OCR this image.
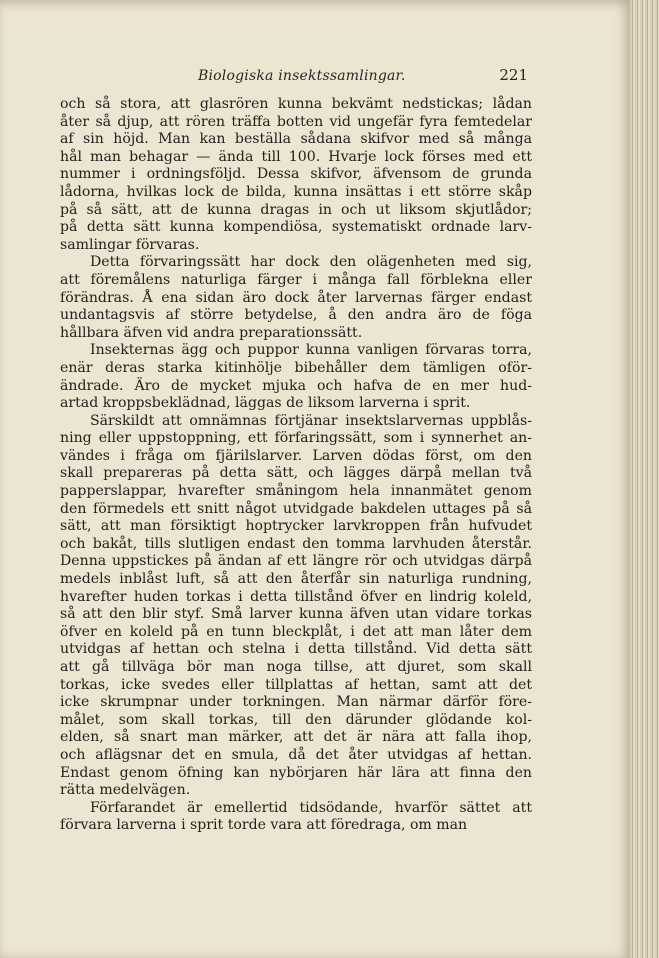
Biologiska insektssamlingar.	221
och så stora, att glasrören kunna bekvämt nedstickas; lådan
åter så djup, att rören träffa botten vid ungefär fyra femtedelar
af sin höjd. Man kan beställa sådana skifvor med så många
hål man behagar — ända till 100. Hvarje lock förses med ett
nummer i ordningsföljd. Dessa skifvor, äfvensom de grunda
lådorna, hvilkas lock de bilda, kunna insättas i ett större skåp
på så sätt, att de kunna dragas in och ut liksom skjutlådor;
på detta sätt kunna kompendiösa, systematiskt ordnade larv-
samlingar förvaras.
Detta förvaringssätt har dock den olägenheten med sig,
att föremålens naturliga färger i många fall förblekna eller
förändras. Å ena sidan äro dock åter larvernas färger endast
undantagsvis af större betydelse, å den andra äro de föga
hållbara äfven vid andra preparationssätt.
Insekternas ägg och puppor kunna vanligen förvaras torra,
enär deras starka kitinhölje bibehåller dem tämligen oför-
ändrade. Äro de mycket mjuka och hafva de en mer hud-
artad kroppsbeklädnad, läggas de liksom larverna i sprit.
Särskildt att omnämnas förtjänar insektslarvernas uppblås-
ning eller uppstoppning, ett förfaringssätt, som i synnerhet an-
vändes i fråga om fjärilslarver. Larven dödas först, om den
skall prepareras på detta sätt, och lägges därpå mellan två
papperslappar, hvarefter småningom hela innanmätet genom
den förmedels ett snitt något utvidgade bakdelen uttages på så
sätt, att man försiktigt hoptrycker larvkroppen från hufvudet
och bakåt, tills slutligen endast den tomma larvhuden återstår.
Denna uppstickes på ändan af ett längre rör och utvidgas därpå
medels inblåst luft, så att den återfår sin naturliga rundning,
hvarefter huden torkas i detta tillstånd öfver en lindrig koleld,
så att den blir styf. Små larver kunna äfven utan vidare torkas
öfver en koleld på en tunn bleckplåt, i det att man låter dem
utvidgas af hettan och stelna i detta tillstånd. Vid detta sätt
att gå tillväga bör man noga tillse, att djuret, som skall
torkas, icke svedes eller tillplattas af hettan, samt att det
icke skrumpnar under torkningen. Man närmar därför före-
målet, som skall torkas, till den därunder glödande kol-
elden, så snart man märker, att det är nära att falla ihop,
och aflägsnar det en smula, då det åter utvidgas af hettan.
Endast genom öfning kan nybörjaren här lära att finna den
rätta medelvägen.
Förfarandet är emellertid tidsödande, hvarför sättet att
förvara larverna i sprit torde vara att föredraga, om man
